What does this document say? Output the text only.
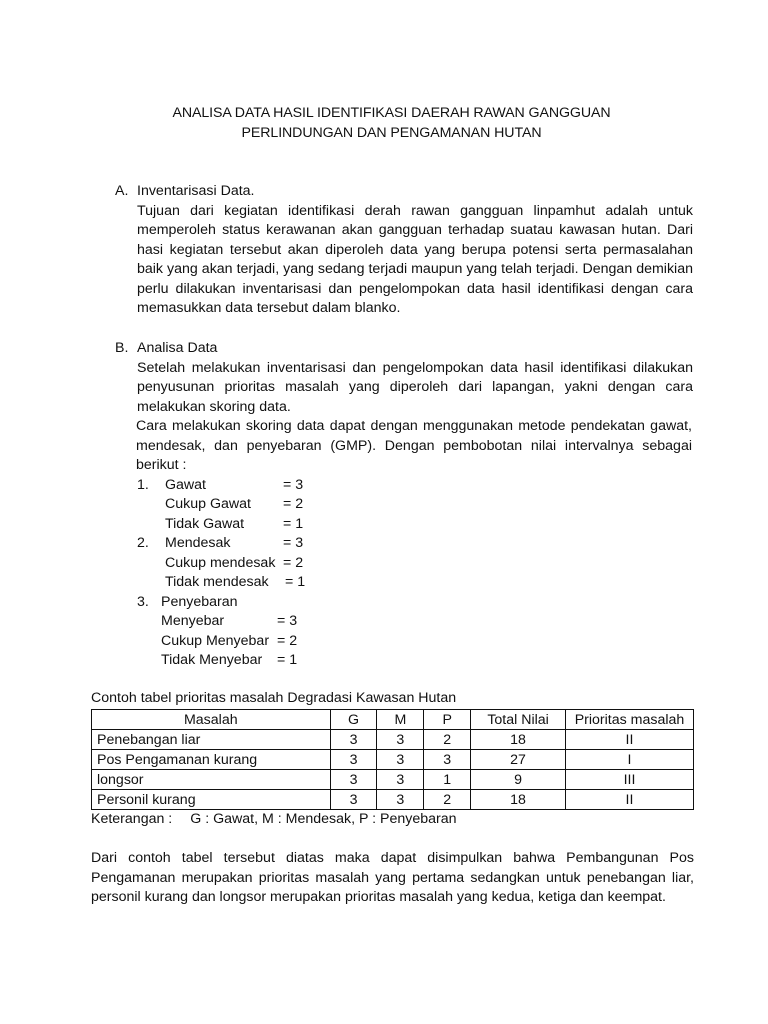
ANALISA DATA HASIL IDENTIFIKASI DAERAH RAWAN GANGGUAN
PERLINDUNGAN DAN PENGAMANAN HUTAN
A. Inventarisasi Data.
Tujuan dari kegiatan identifikasi derah rawan gangguan linpamhut adalah untuk memperoleh status kerawanan akan gangguan terhadap suatau kawasan hutan. Dari hasi kegiatan tersebut akan diperoleh data yang berupa potensi serta permasalahan baik yang akan terjadi, yang sedang terjadi maupun yang telah terjadi. Dengan demikian perlu dilakukan inventarisasi dan pengelompokan data hasil identifikasi dengan cara memasukkan data tersebut dalam blanko.
B. Analisa Data
Setelah melakukan inventarisasi dan pengelompokan data hasil identifikasi dilakukan penyusunan prioritas masalah yang diperoleh dari lapangan, yakni dengan cara melakukan skoring data.
Cara melakukan skoring data dapat dengan menggunakan metode pendekatan gawat, mendesak, dan penyebaran (GMP). Dengan pembobotan nilai intervalnya sebagai berikut :
1. Gawat	= 3
Cukup Gawat = 2
Tidak Gawat	= 1
2. Mendesak	= 3
Cukup mendesak = 2
Tidak mendesak = 1
3. Penyebaran
Menyebar	= 3
Cukup Menyebar = 2
Tidak Menyebar = 1
Contoh tabel prioritas masalah Degradasi Kawasan Hutan
Masalah	G	M	P	Total Nilai	Prioritas masalah
Penebangan liar	3	3	2	18	II
Pos Pengamanan kurang	3	3	3	27	I
longsor	3	3	1	9	III
Personil kurang	3	3	2	18	II
Keterangan : G : Gawat, M : Mendesak, P : Penyebaran
Dari contoh tabel tersebut diatas maka dapat disimpulkan bahwa Pembangunan Pos Pengamanan merupakan prioritas masalah yang pertama sedangkan untuk penebangan liar, personil kurang dan longsor merupakan prioritas masalah yang kedua, ketiga dan keempat.
